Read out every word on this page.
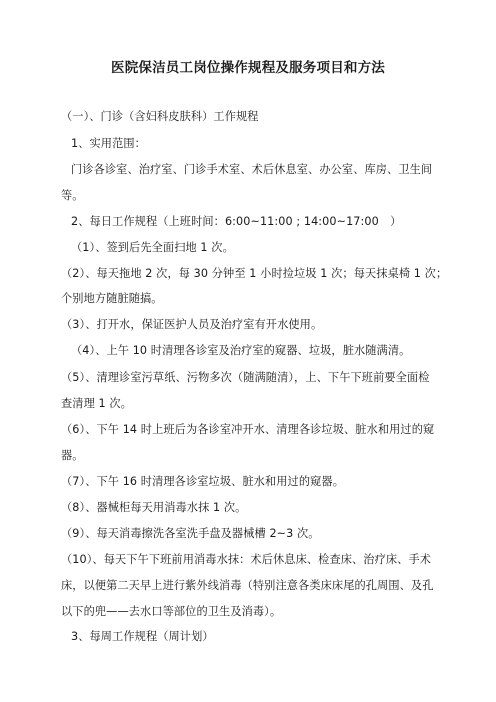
医院保洁员工岗位操作规程及服务项目和方法
（一）、门诊（含妇科皮肤科）工作规程
1、实用范围：
门诊各诊室、治疗室、门诊手术室、术后休息室、办公室、库房、卫生间
等。
2、每日工作规程（上班时间：6:00~11:00 ; 14:00~17:00　）
（1）、签到后先全面扫地 1 次。
（2）、每天拖地 2 次，每 30 分钟至 1 小时捡垃圾 1 次；每天抹桌椅 1 次；
个别地方随脏随搞。
（3）、打开水，保证医护人员及治疗室有开水使用。
（4）、上午 10 时清理各诊室及治疗室的窥器、垃圾，脏水随满清。
（5）、清理诊室污草纸、污物多次（随满随清），上、下午下班前要全面检
查清理 1 次。
（6）、下午 14 时上班后为各诊室冲开水、清理各诊垃圾、脏水和用过的窥
器。
（7）、下午 16 时清理各诊室垃圾、脏水和用过的窥器。
（8）、器械柜每天用消毒水抹 1 次。
（9）、每天消毒擦洗各室洗手盘及器械槽 2~3 次。
（10）、每天下午下班前用消毒水抹：术后休息床、检查床、治疗床、手术
床，以便第二天早上进行紫外线消毒（特别注意各类床床尾的孔周围、及孔
以下的兜——去水口等部位的卫生及消毒）。
3、每周工作规程（周计划）
